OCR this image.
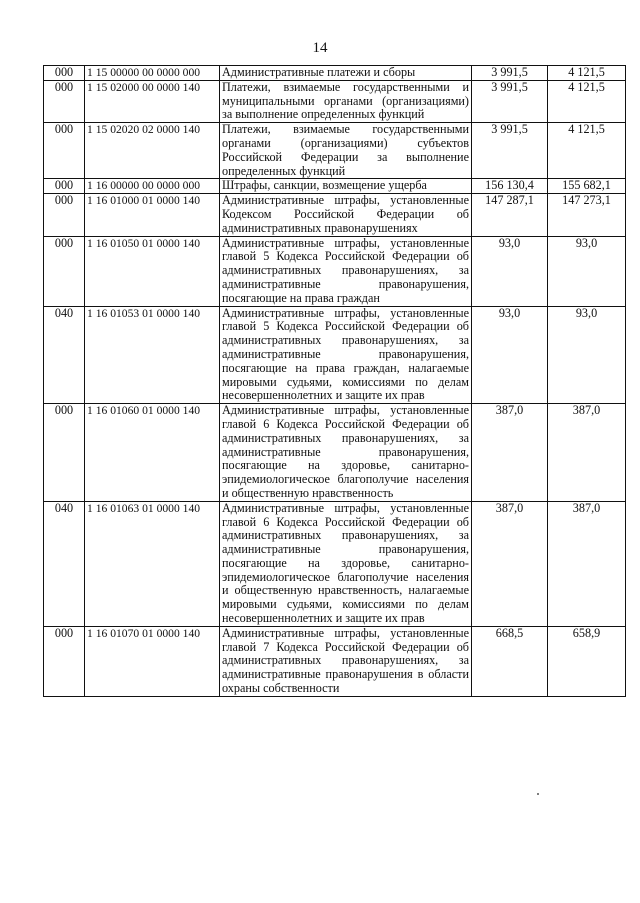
14
000	1 15 00000 00 0000 000	Административные платежи и сборы	3 991,5	4 121,5
000	1 15 02000 00 0000 140	Платежи, взимаемые государственными и муниципальными органами (организациями) за выполнение определенных функций	3 991,5	4 121,5
000	1 15 02020 02 0000 140	Платежи, взимаемые государственными органами (организациями) субъектов Российской Федерации за выполнение определенных функций	3 991,5	4 121,5
000	1 16 00000 00 0000 000	Штрафы, санкции, возмещение ущерба	156 130,4	155 682,1
000	1 16 01000 01 0000 140	Административные штрафы, установленные Кодексом Российской Федерации об административных правонарушениях	147 287,1	147 273,1
000	1 16 01050 01 0000 140	Административные штрафы, установленные главой 5 Кодекса Российской Федерации об административных правонарушениях, за административные правонарушения, посягающие на права граждан	93,0	93,0
040	1 16 01053 01 0000 140	Административные штрафы, установленные главой 5 Кодекса Российской Федерации об административных правонарушениях, за административные правонарушения, посягающие на права граждан, налагаемые мировыми судьями, комиссиями по делам несовершеннолетних и защите их прав	93,0	93,0
000	1 16 01060 01 0000 140	Административные штрафы, установленные главой 6 Кодекса Российской Федерации об административных правонарушениях, за административные правонарушения, посягающие на здоровье, санитарно-эпидемиологическое благополучие населения и общественную нравственность	387,0	387,0
040	1 16 01063 01 0000 140	Административные штрафы, установленные главой 6 Кодекса Российской Федерации об административных правонарушениях, за административные правонарушения, посягающие на здоровье, санитарно-эпидемиологическое благополучие населения и общественную нравственность, налагаемые мировыми судьями, комиссиями по делам несовершеннолетних и защите их прав	387,0	387,0
000	1 16 01070 01 0000 140	Административные штрафы, установленные главой 7 Кодекса Российской Федерации об административных правонарушениях, за административные правонарушения в области охраны собственности	668,5	658,9
